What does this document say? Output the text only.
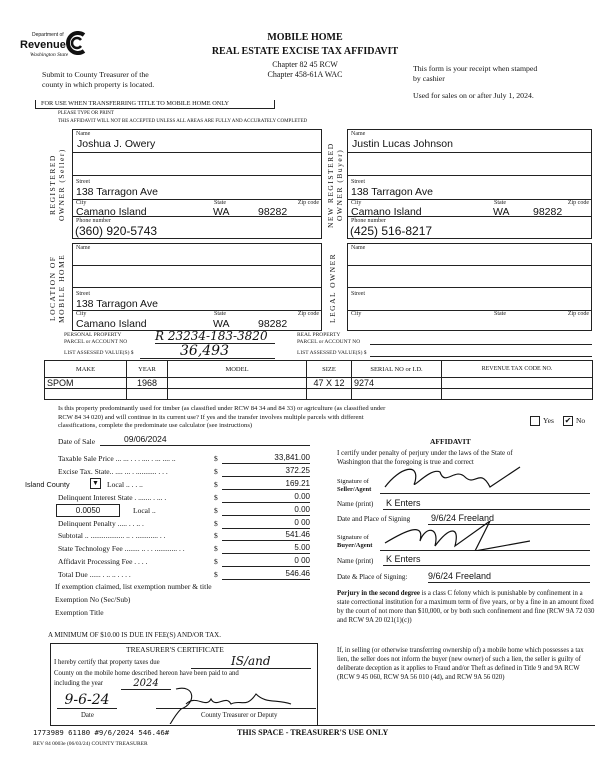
Department of
Revenue
Washington State
MOBILE HOME
REAL ESTATE EXCISE TAX AFFIDAVIT
Chapter 82 45 RCW
Chapter 458-61A WAC
Submit to County Treasurer of the
county in which property is located.
This form is your receipt when stamped
by cashier
Used for sales on or after July 1, 2024.
FOR USE WHEN TRANSFERRING TITLE TO MOBILE HOME ONLY
PLEASE TYPE OR PRINT
THIS AFFIDAVIT WILL NOT BE ACCEPTED UNLESS ALL AREAS ARE FULLY AND ACCURATELY COMPLETED
REGISTERED OWNER (Seller)
Name
Joshua J. Owery
Street
138 Tarragon Ave
City
Camano Island
State
WA	98282
Zip code
Phone number
(360) 920-5743
NEW REGISTERED OWNER (Buyer)
Name
Justin Lucas Johnson
Street
138 Tarragon Ave
City
Camano Island
State
WA 98282
Zip code
Phone number
(425) 516-8217
LOCATION OF MOBILE HOME
Name
Street
138 Tarragon Ave
City
Camano Island
State
WA	98282
Zip code LEGAL OWNER
Name
Street
City	State	Zip code
PERSONAL PROPERTY
PARCEL or ACCOUNT NO R 23234-183-3820
LIST ASSESSED VALUE(S) $	36,493
REAL PROPERTY
PARCEL or ACCOUNT NO
LIST ASSESSED VALUE(S) $
MAKE	YEAR	MODEL	SIZE	SERIAL NO or I.D.	REVENUE TAX CODE NO.
SPOM	1968		47 X 12	9274	

Is this property predominantly used for timber (as classified under RCW 84 34 and 84 33) or agriculture (as classified under
RCW 84 34 020) and will continue in its current use? If yes and the transfer involves multiple parcels with different
classifications, complete the predominate use calculator (see instructions)
Yes ✔ No
Date of Sale	09/06/2024
Taxable Sale Price ... ... . . . .... . ... .... ..	$	33,841.00
Excise Tax. State.. .... ... . ........... . . .	$	372.25
Island County	▼ Local .. . . ..	$	169.21
Delinquent Interest State . ....... . ... .	$	0.00
0.0050	Local ..	$	0.00
Delinquent Penalty ..... . . .. .	$	0 00
Subtotal .. .................. .. . ............ . .	$	541.46
State Technology Fee ........ .. . . ............ . .	$	5.00
Affidavit Processing Fee . . . .	$	0 00
Total Due ...... . .. .. . . . .	$	546.46
If exemption claimed, list exemption number & title
Exemption No (Sec/Sub)
Exemption Title
A MINIMUM OF $10.00 IS DUE IN FEE(S) AND/OR TAX.
AFFIDAVIT
I certify under penalty of perjury under the laws of the State of
Washington that the foregoing is true and correct
Signature of
Seller/Agent
Name (print)	K Enters
Date and Place of Signing	9/6/24 Freeland
Signature of
Buyer/Agent
Name (print)	K Enters
Date & Place of Signing: 9/6/24 Freeland
Perjury in the second degree is a class C felony which is punishable by confinement in a state correctional institution for a maximum term of five years, or by a fine in an amount fixed by the court of not more than $10,000, or by both such confinement and fine (RCW 9A 72 030 and RCW 9A 20 021(1)(c))
If, in selling (or otherwise transferring ownership of) a mobile home which possesses a tax lien, the seller does not inform the buyer (new owner) of such a lien, the seller is guilty of deliberate deception as it applies to Fraud and/or Theft as defined in Title 9 and 9A RCW (RCW 9 45 060, RCW 9A 56 010 (4d), and RCW 9A 56 020)
TREASURER'S CERTIFICATE
I hereby certify that property taxes due	IS/and
County on the mobile home described hereon have been paid to and
including the year	2024
9-6-24
Date	County Treasurer or Deputy
1773989 61180 #9/6/2024 546.46#	THIS SPACE - TREASURER'S USE ONLY
REV 84 0003e (06/03/24) COUNTY TREASURER
